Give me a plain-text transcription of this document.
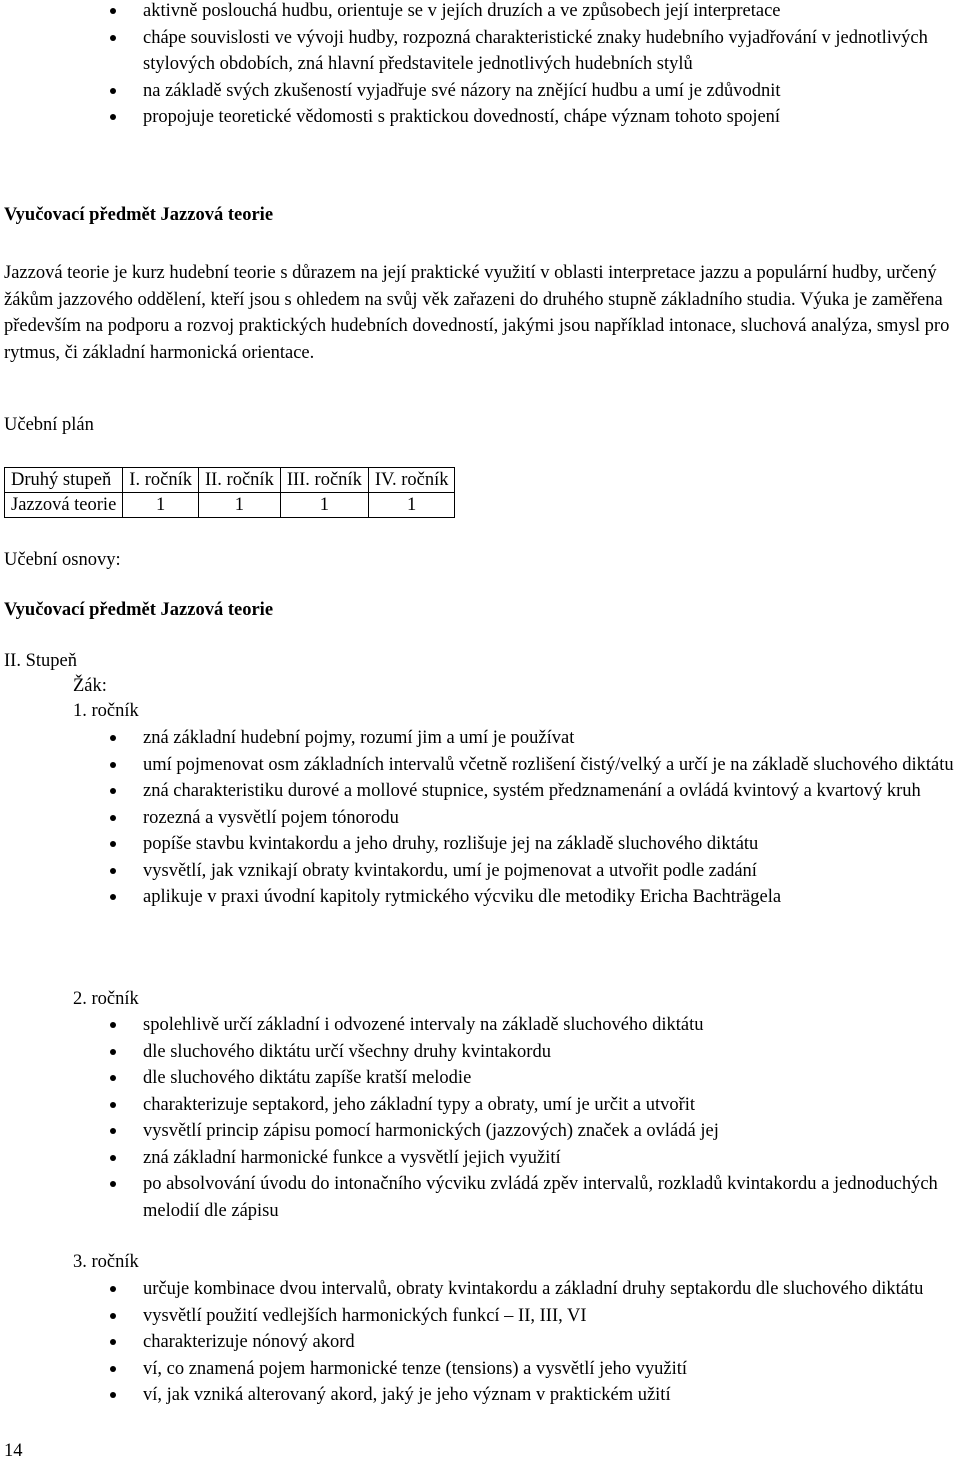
aktivně poslouchá hudbu, orientuje se v jejích druzích a ve způsobech její interpretace
chápe souvislosti ve vývoji hudby, rozpozná charakteristické znaky hudebního vyjadřování v jednotlivých stylových obdobích, zná hlavní představitele jednotlivých hudebních stylů
na základě svých zkušeností vyjadřuje své názory na znějící hudbu a umí je zdůvodnit
propojuje teoretické vědomosti s praktickou dovedností, chápe význam tohoto spojení
Vyučovací předmět Jazzová teorie
Jazzová teorie je kurz hudební teorie s důrazem na její praktické využití v oblasti interpretace jazzu a populární hudby, určený žákům jazzového oddělení, kteří jsou s ohledem na svůj věk zařazeni do druhého stupně základního studia. Výuka je zaměřena především na podporu a rozvoj praktických hudebních dovedností, jakými jsou například intonace, sluchová analýza, smysl pro rytmus, či základní harmonická orientace.
Učební plán
Druhý stupeň	I. ročník	II. ročník	III. ročník	IV. ročník
Jazzová teorie	1	1	1	1
Učební osnovy:
Vyučovací předmět Jazzová teorie
II. Stupeň
Žák:
1. ročník
zná základní hudební pojmy, rozumí jim a umí je používat
umí pojmenovat osm základních intervalů včetně rozlišení čistý/velký a určí je na základě sluchového diktátu
zná charakteristiku durové a mollové stupnice, systém předznamenání a ovládá kvintový a kvartový kruh
rozezná a vysvětlí pojem tónorodu
popíše stavbu kvintakordu a jeho druhy, rozlišuje jej na základě sluchového diktátu
vysvětlí, jak vznikají obraty kvintakordu, umí je pojmenovat a utvořit podle zadání
aplikuje v praxi úvodní kapitoly rytmického výcviku dle metodiky Ericha Bachträgela
2. ročník
spolehlivě určí základní i odvozené intervaly na základě sluchového diktátu
dle sluchového diktátu určí všechny druhy kvintakordu
dle sluchového diktátu zapíše kratší melodie
charakterizuje septakord, jeho základní typy a obraty, umí je určit a utvořit
vysvětlí princip zápisu pomocí harmonických (jazzových) značek a ovládá jej
zná základní harmonické funkce a vysvětlí jejich využití
po absolvování úvodu do intonačního výcviku zvládá zpěv intervalů, rozkladů kvintakordu a jednoduchých melodií dle zápisu
3. ročník
určuje kombinace dvou intervalů, obraty kvintakordu a základní druhy septakordu dle sluchového diktátu
vysvětlí použití vedlejších harmonických funkcí – II, III, VI
charakterizuje nónový akord
ví, co znamená pojem harmonické tenze (tensions) a vysvětlí jeho využití
ví, jak vzniká alterovaný akord, jaký je jeho význam v praktickém užití
14
